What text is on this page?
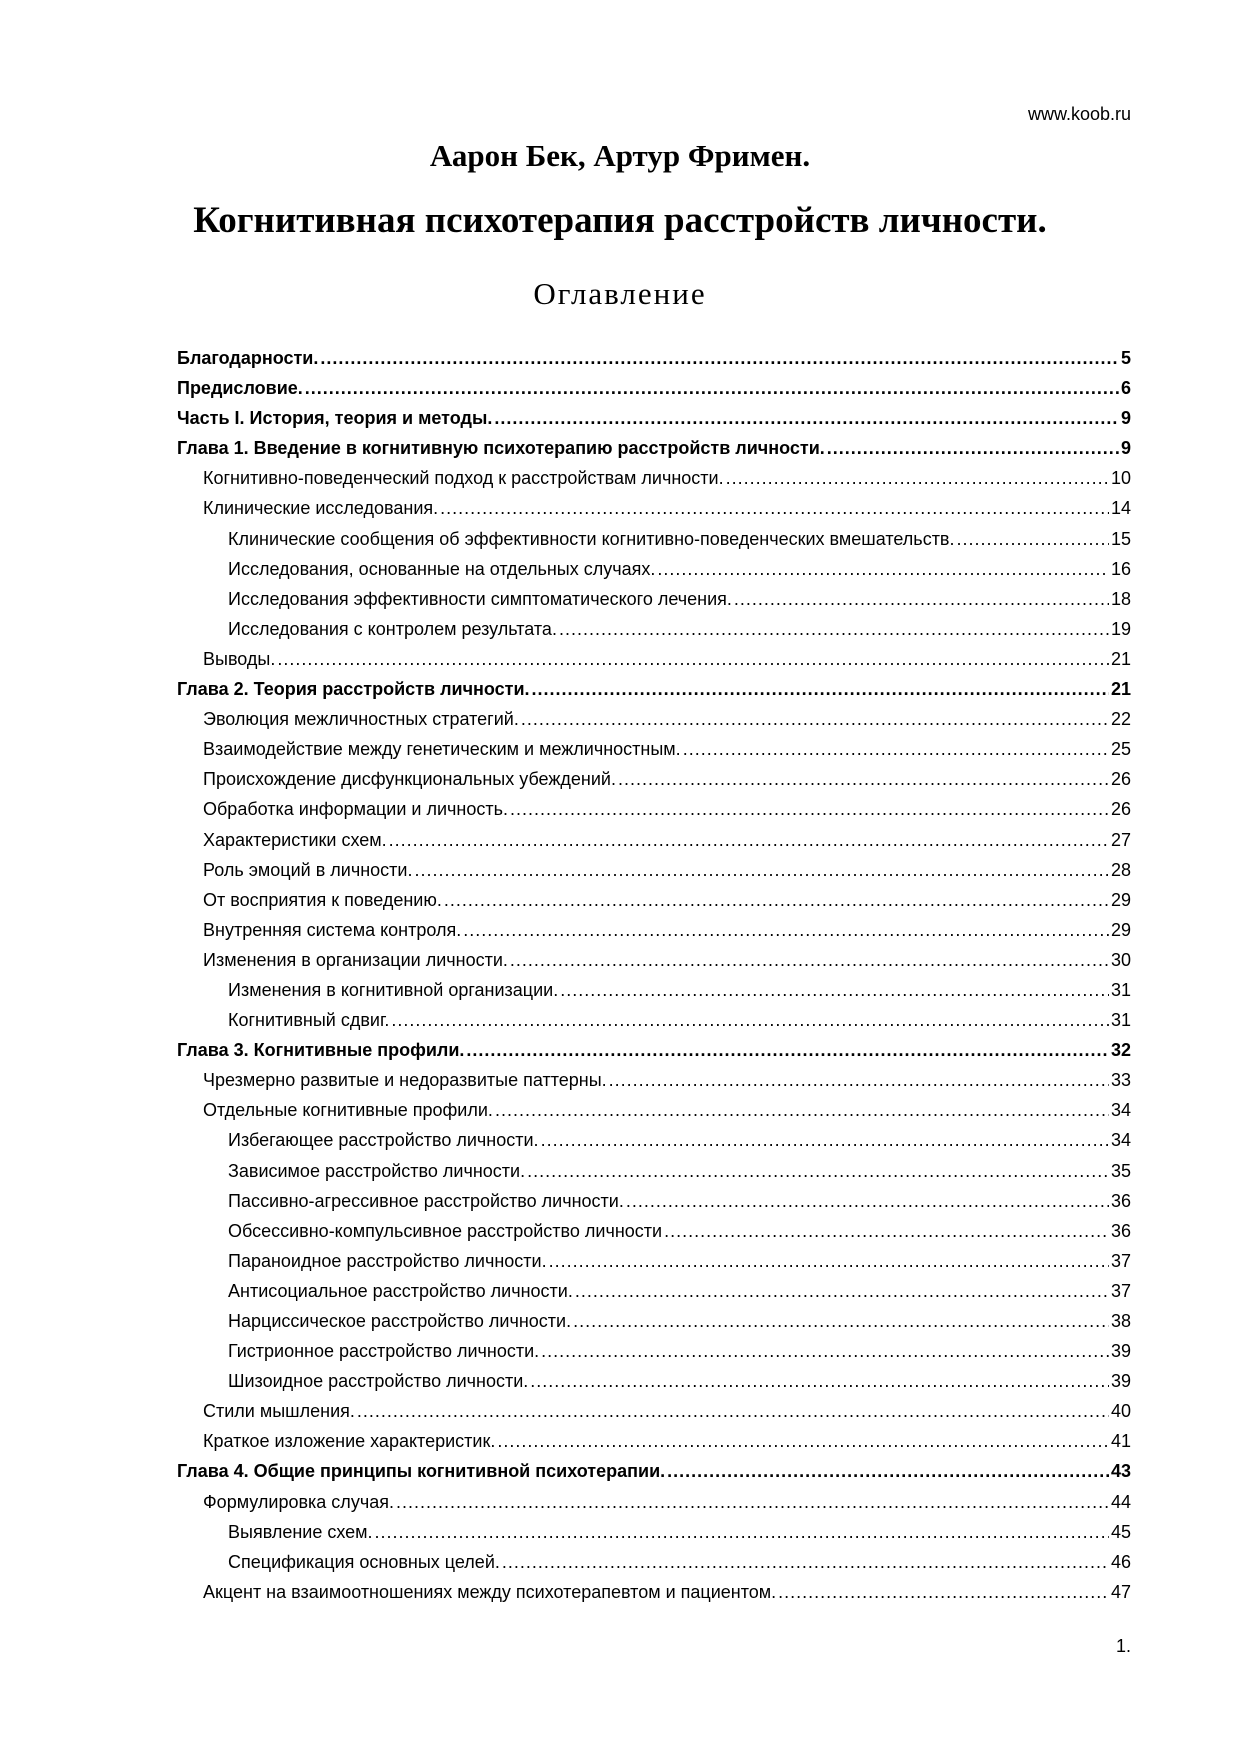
www.koob.ru
Аарон Бек, Артур Фримен.
Когнитивная психотерапия расстройств личности.
Оглавление
Благодарности. .....	5
Предисловие. .....	6
Часть I. История, теория и методы. .....	9
Глава 1. Введение в когнитивную психотерапию расстройств личности. .....	9
Когнитивно-поведенческий подход к расстройствам личности. .....	10
Клинические исследования. .....	14
Клинические сообщения об эффективности когнитивно-поведенческих вмешательств. .....	15
Исследования, основанные на отдельных случаях. .....	16
Исследования эффективности симптоматического лечения. .....	18
Исследования с контролем результата. .....	19
Выводы. .....	21
Глава 2. Теория расстройств личности. .....	21
Эволюция межличностных стратегий. .....	22
Взаимодействие между генетическим и межличностным. .....	25
Происхождение дисфункциональных убеждений. .....	26
Обработка информации и личность. .....	26
Характеристики схем. .....	27
Роль эмоций в личности. .....	28
От восприятия к поведению. .....	29
Внутренняя система контроля. .....	29
Изменения в организации личности. .....	30
Изменения в когнитивной организации. .....	31
Когнитивный сдвиг. .....	31
Глава 3. Когнитивные профили. .....	32
Чрезмерно развитые и недоразвитые паттерны. .....	33
Отдельные когнитивные профили. .....	34
Избегающее расстройство личности. .....	34
Зависимое расстройство личности. .....	35
Пассивно-агрессивное расстройство личности. .....	36
Обсессивно-компульсивное расстройство личности .....	36
Параноидное расстройство личности. .....	37
Антисоциальное расстройство личности. .....	37
Нарциссическое расстройство личности. .....	38
Гистрионное расстройство личности. .....	39
Шизоидное расстройство личности. .....	39
Стили мышления. .....	40
Краткое изложение характеристик. .....	41
Глава 4. Общие принципы когнитивной психотерапии. .....	43
Формулировка случая. .....	44
Выявление схем. .....	45
Спецификация основных целей. .....	46
Акцент на взаимоотношениях между психотерапевтом и пациентом. .....	47
1.
